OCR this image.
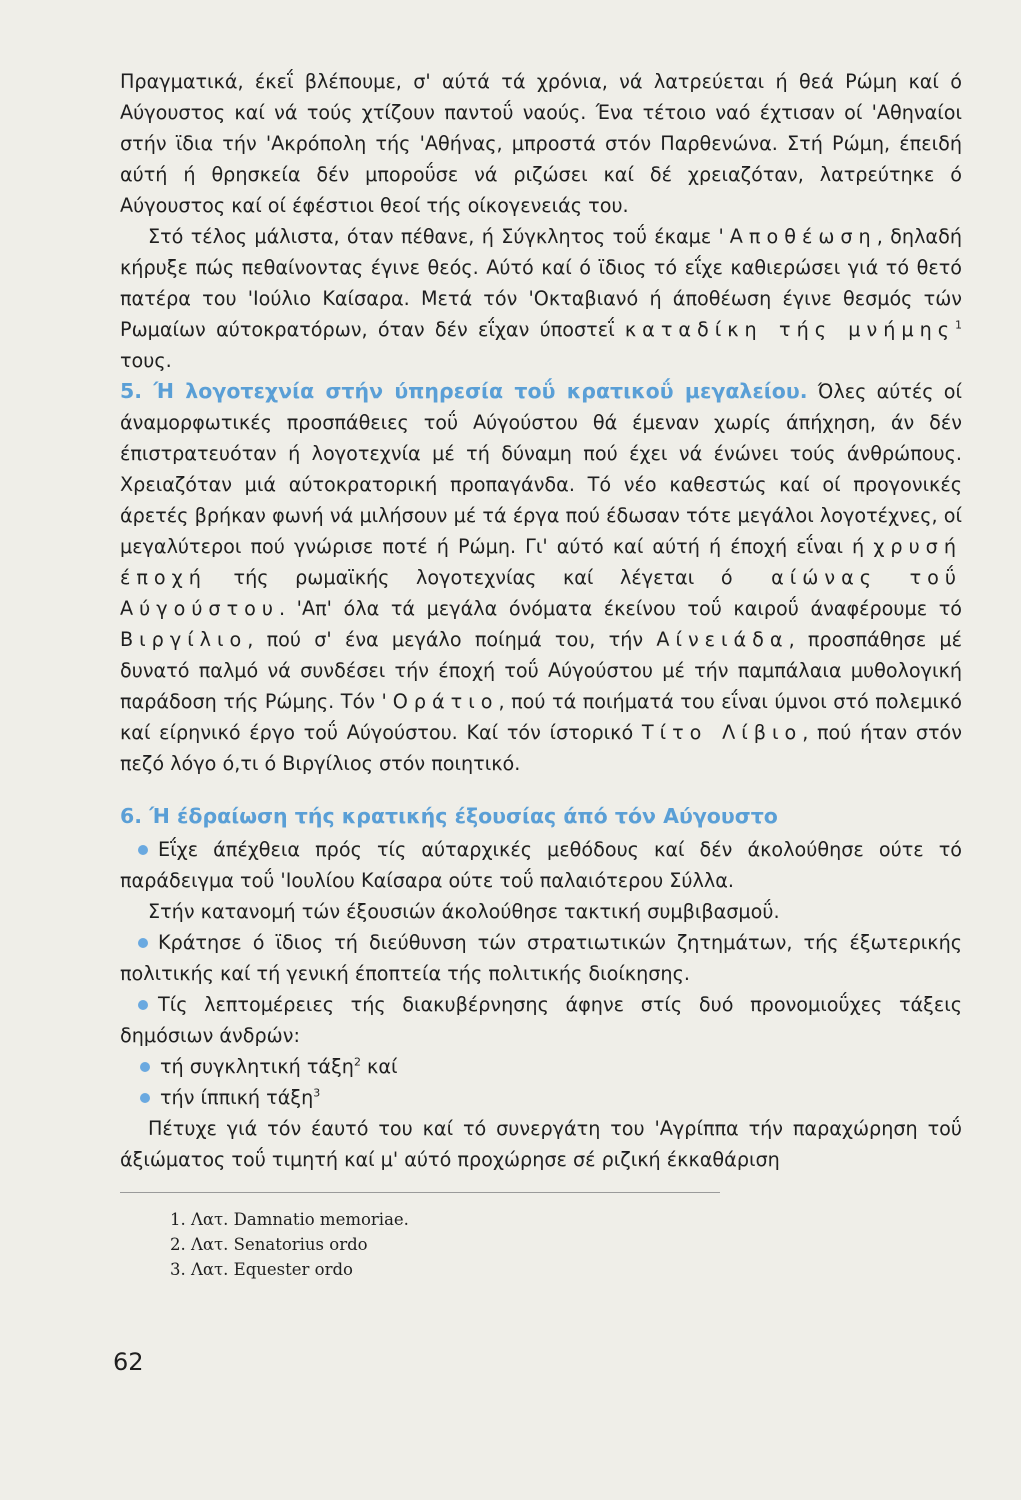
Πραγματικά, έκεΐ βλέπουμε, σ' αύτά τά χρόνια, νά λατρεύεται ή θεά Ρώμη καί ό Αύγουστος καί νά τούς χτίζουν παντοΰ ναούς. Ένα τέτοιο ναό έχτισαν οί 'Αθηναίοι στήν ϊδια τήν 'Ακρόπολη τής 'Αθήνας, μπροστά στόν Παρθενώνα. Στή Ρώμη, έπειδή αύτή ή θρησκεία δέν μποροΰσε νά ριζώσει καί δέ χρειαζόταν, λατρεύτηκε ό Αύγουστος καί οί έφέστιοι θεοί τής οίκογενειάς του.

Στό τέλος μάλιστα, όταν πέθανε, ή Σύγκλητος τοΰ έκαμε 'Αποθέωση, δηλαδή κήρυξε πώς πεθαίνοντας έγινε θεός. Αύτό καί ό ϊδιος τό εΐχε καθιερώσει γιά τό θετό πατέρα του 'Ιούλιο Καίσαρα. Μετά τόν 'Οκταβιανό ή άποθέωση έγινε θεσμός τών Ρωμαίων αύτοκρατόρων, όταν δέν εΐχαν ύποστεΐ καταδίκη τής μνήμης$^1$ τους.

5. Ή λογοτεχνία στήν ύπηρεσία τοΰ κρατικοΰ μεγαλείου. Όλες αύτές οί άναμορφωτικές προσπάθειες τοΰ Αύγούστου θά έμεναν χωρίς άπήχηση, άν δέν έπιστρατευόταν ή λογοτεχνία μέ τή δύναμη πού έχει νά ένώνει τούς άνθρώπους. Χρειαζόταν μιά αύτοκρατορική προπαγάνδα. Τό νέο καθεστώς καί οί προγονικές άρετές βρήκαν φωνή νά μιλήσουν μέ τά έργα πού έδωσαν τότε μεγάλοι λογοτέχνες, οί μεγαλύτεροι πού γνώρισε ποτέ ή Ρώμη. Γι' αύτό καί αύτή ή έποχή εΐναι ή χρυσή έποχή τής ρωμαϊκής λογοτεχνίας καί λέγεται ό αίώνας τοΰ Αύγούστου. 'Απ' όλα τά μεγάλα όνόματα έκείνου τοΰ καιροΰ άναφέρουμε τό Βιργίλιο, πού σ' ένα μεγάλο ποίημά του, τήν Αίνειάδα, προσπάθησε μέ δυνατό παλμό νά συνδέσει τήν έποχή τοΰ Αύγούστου μέ τήν παμπάλαια μυθολογική παράδοση τής Ρώμης. Τόν 'Οράτιο, πού τά ποιήματά του εΐναι ύμνοι στό πολεμικό καί είρηνικό έργο τοΰ Αύγούστου. Καί τόν ίστορικό Τίτο Λίβιο, πού ήταν στόν πεζό λόγο ό,τι ό Βιργίλιος στόν ποιητικό.

6. Ή έδραίωση τής κρατικής έξουσίας άπό τόν Αύγουστο

Εΐχε άπέχθεια πρός τίς αύταρχικές μεθόδους καί δέν άκολούθησε ούτε τό παράδειγμα τοΰ 'Ιουλίου Καίσαρα ούτε τοΰ παλαιότερου Σύλλα.

Στήν κατανομή τών έξουσιών άκολούθησε τακτική συμβιβασμοΰ.

Κράτησε ό ϊδιος τή διεύθυνση τών στρατιωτικών ζητημάτων, τής έξωτερικής πολιτικής καί τή γενική έποπτεία τής πολιτικής διοίκησης.

Τίς λεπτομέρειες τής διακυβέρνησης άφηνε στίς δυό προνομιοΰχες τάξεις δημόσιων άνδρών:

τή συγκλητική τάξη$^2$ καί

τήν ίππική τάξη$^3$

Πέτυχε γιά τόν έαυτό του καί τό συνεργάτη του 'Αγρίππα τήν παραχώρηση τοΰ άξιώματος τοΰ τιμητή καί μ' αύτό προχώρησε σέ ριζική έκκαθάριση

1. Λατ. Damnatio memoriae.
2. Λατ. Senatorius ordo
3. Λατ. Equester ordo
62
